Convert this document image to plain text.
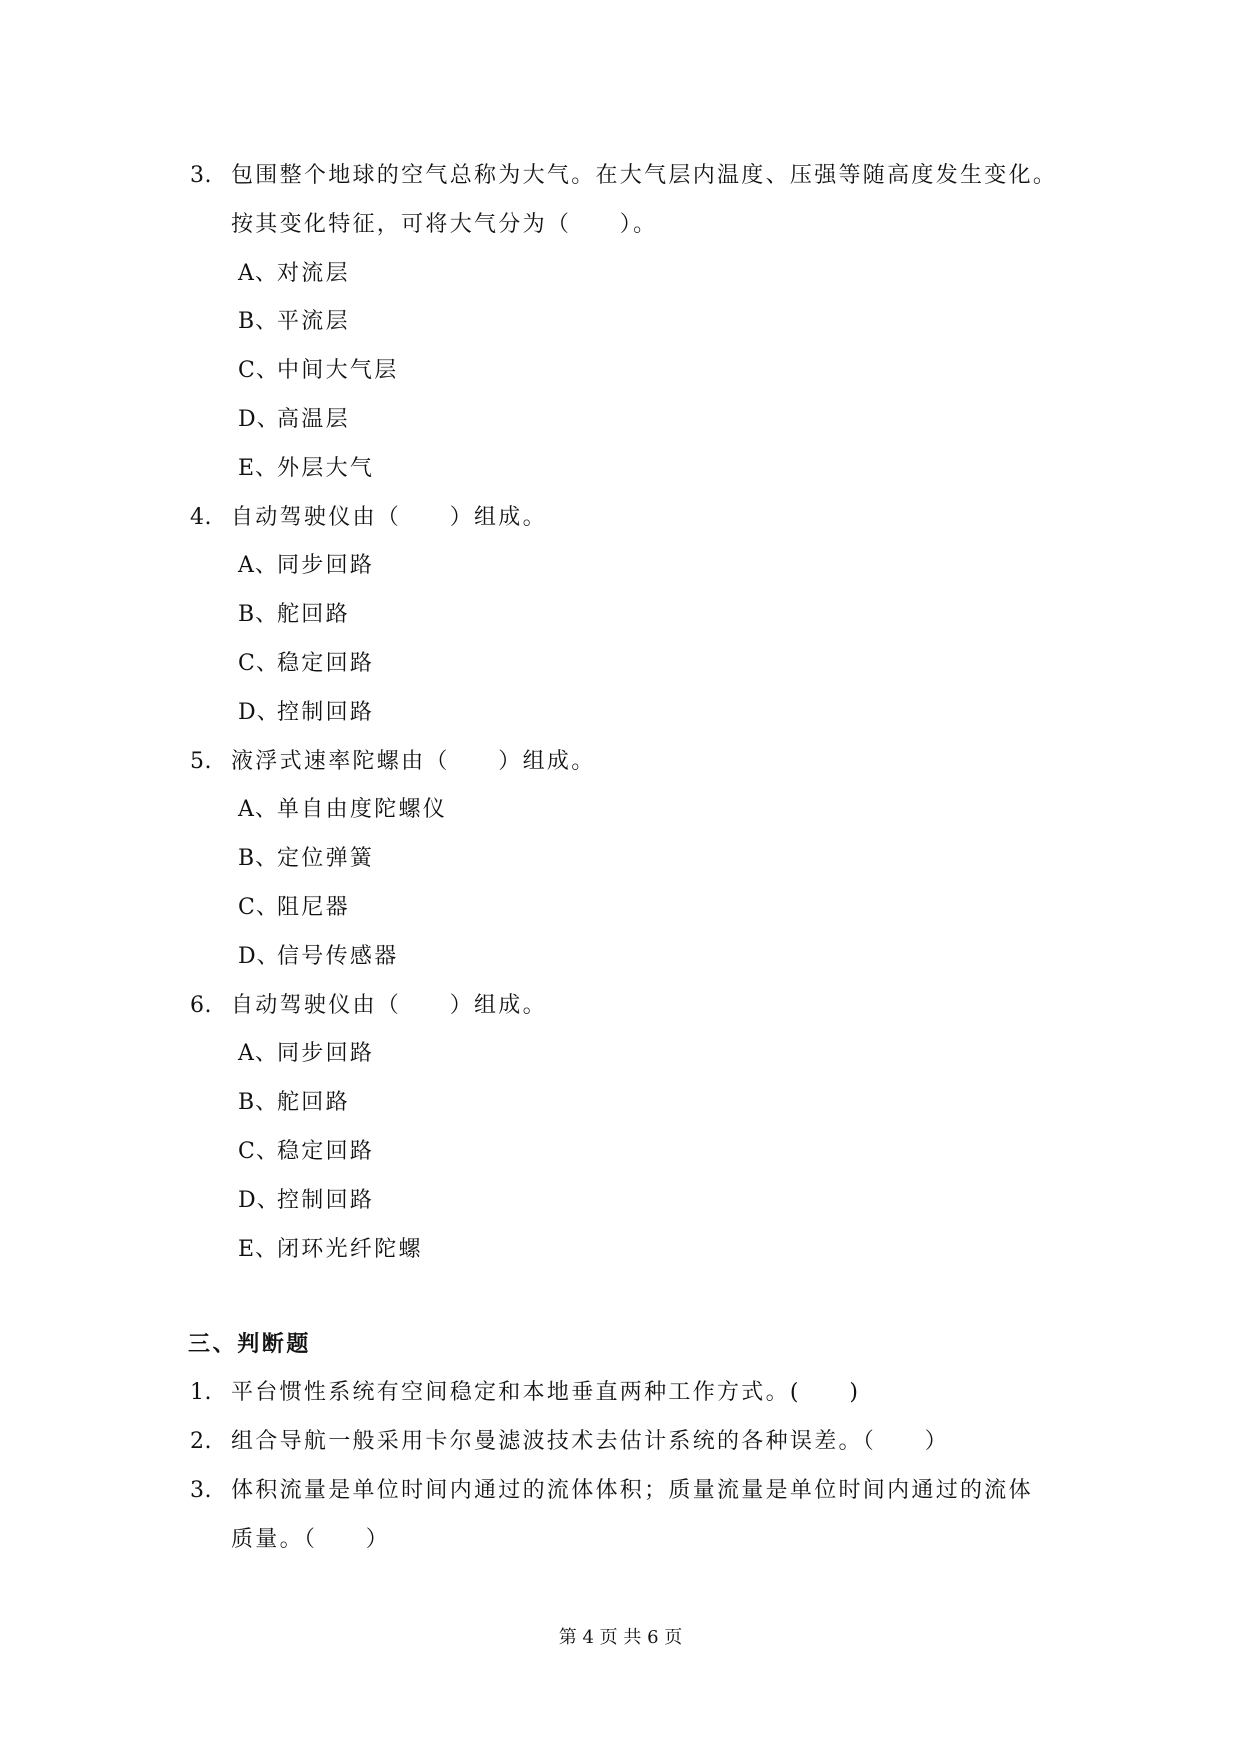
3.

包围整个地球的空气总称为大气。在大气层内温度、压强等随高度发生变化。

按其变化特征，可将大气分为（　　）。

A、

对流层

B、

平流层

C、

中间大气层

D、

高温层

E、

外层大气

4.

自动驾驶仪由（　　）组成。

A、

同步回路

B、

舵回路

C、

稳定回路

D、

控制回路

5.

液浮式速率陀螺由（　　）组成。

A、

单自由度陀螺仪

B、

定位弹簧

C、

阻尼器

D、

信号传感器

6.

自动驾驶仪由（　　）组成。

A、

同步回路

B、

舵回路

C、

稳定回路

D、

控制回路

E、

闭环光纤陀螺

三、判断题

1.

平台惯性系统有空间稳定和本地垂直两种工作方式。(　　)

2.

组合导航一般采用卡尔曼滤波技术去估计系统的各种误差。（　　）

3.

体积流量是单位时间内通过的流体体积；质量流量是单位时间内通过的流体

质量。（　　）

第 4 页 共 6 页
